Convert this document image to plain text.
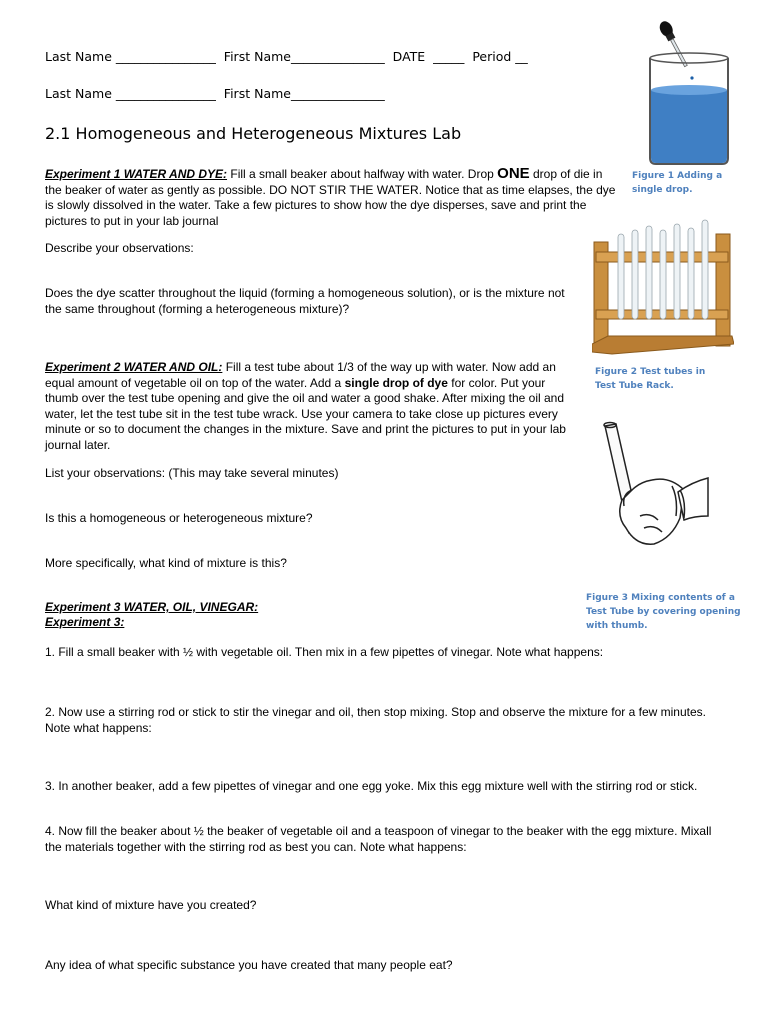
Last Name ________________  First Name_______________  DATE  _____  Period __
Last Name ________________  First Name_______________
2.1 Homogeneous and Heterogeneous Mixtures Lab
Experiment 1 WATER AND DYE: Fill a small beaker about halfway with water. Drop ONE drop of die in the beaker of water as gently as possible. DO NOT STIR THE WATER. Notice that as time elapses, the dye is slowly dissolved in the water. Take a few pictures to show how the dye disperses, save and print the pictures to put in your lab journal
Describe your observations:
Does the dye scatter throughout the liquid (forming a homogeneous solution), or is the mixture not the same throughout (forming a heterogeneous mixture)?
Experiment 2 WATER AND OIL: Fill a test tube about 1/3 of the way up with water. Now add an equal amount of vegetable oil on top of the water. Add a single drop of dye for color. Put your thumb over the test tube opening and give the oil and water a good shake. After mixing the oil and water, let the test tube sit in the test tube wrack. Use your camera to take close up pictures every minute or so to document the changes in the mixture. Save and print the pictures to put in your lab journal later.
List your observations: (This may take several minutes)
Is this a homogeneous or heterogeneous mixture?
More specifically, what kind of mixture is this?
Experiment 3 WATER, OIL, VINEGAR:
Experiment 3:
1. Fill a small beaker with ½ with vegetable oil. Then mix in a few pipettes of vinegar. Note what happens:
2. Now use a stirring rod or stick to stir the vinegar and oil, then stop mixing. Stop and observe the mixture for a few minutes. Note what happens:
3. In another beaker, add a few pipettes of vinegar and one egg yoke. Mix this egg mixture well with the stirring rod or stick.
4. Now fill the beaker about ½ the beaker of vegetable oil and a teaspoon of vinegar to the beaker with the egg mixture. Mixall the materials together with the stirring rod as best you can. Note what happens:
What kind of mixture have you created?
Any idea of what specific substance you have created that many people eat?
Figure 1 Adding a single drop.
Figure 2 Test tubes in Test Tube Rack.
Figure 3 Mixing contents of a Test Tube by covering opening with thumb.
